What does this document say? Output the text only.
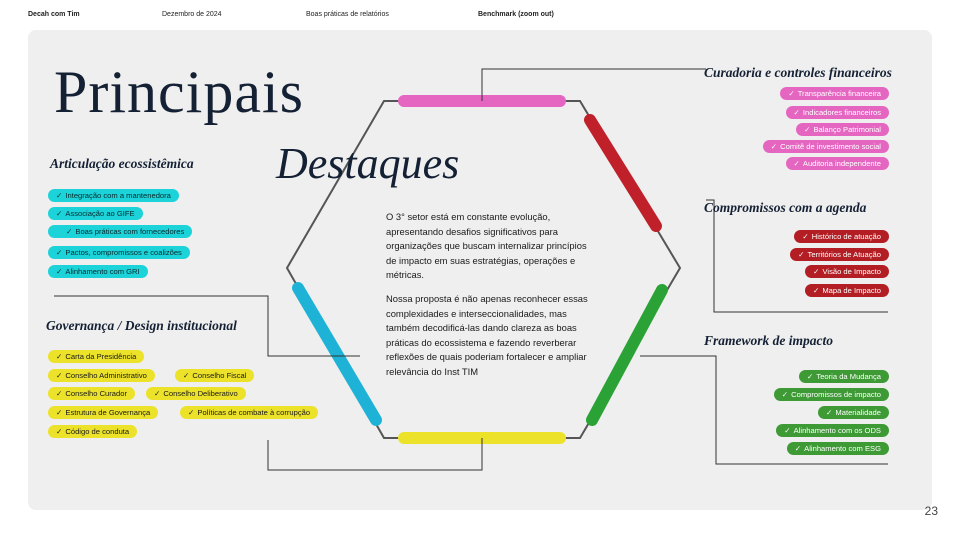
Decah com Tim	Dezembro de 2024	Boas práticas de relatórios	Benchmark (zoom out)
Principais
Destaques
O 3° setor está em constante evolução, apresentando desafios significativos para organizações que buscam internalizar princípios de impacto em suas estratégias, operações e métricas.
Nossa proposta é não apenas reconhecer essas complexidades e interseccionalidades, mas também decodificá-las dando clareza as boas práticas do ecossistema e fazendo reverberar reflexões de quais poderiam fortalecer e ampliar relevância do Inst TIM
Articulação ecossistêmica
✓ Integração com a mantenedora
✓ Associação ao GIFE
✓ Boas práticas com fornecedores
✓ Pactos, compromissos e coalizões
✓ Alinhamento com GRI
Governança / Design institucional
✓ Carta da Presidência
✓ Conselho Administrativo	✓ Conselho Fiscal
✓ Conselho Curador	✓ Conselho Deliberativo
✓ Estrutura de Governança	✓ Políticas de combate à corrupção
✓ Código de conduta
Curadoria e controles financeiros
✓ Transparência financeira
✓ Indicadores financeiros
✓ Balanço Patrimonial
✓ Comitê de investimento social
✓ Auditoria independente
Compromissos com a agenda
✓ Histórico de atuação
✓ Territórios de Atuação
✓ Visão de Impacto
✓ Mapa de Impacto
Framework de impacto
✓ Teoria da Mudança
✓ Compromissos de impacto
✓ Materialidade
✓ Alinhamento com os ODS
✓ Alinhamento com ESG
23
